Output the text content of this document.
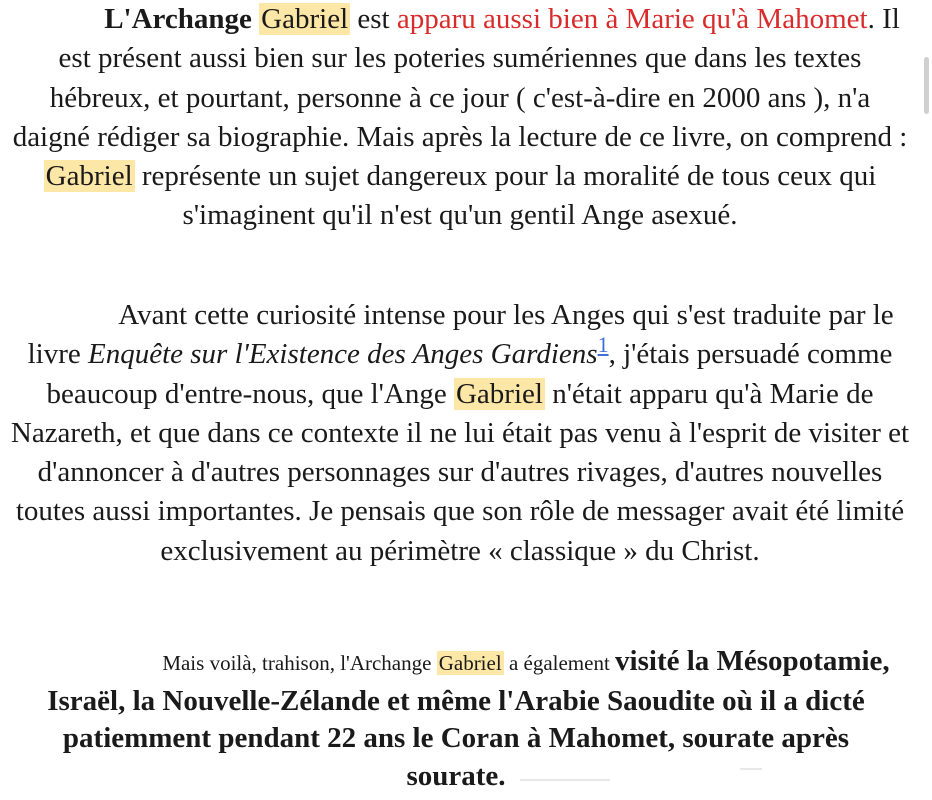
L'Archange Gabriel est apparu aussi bien à Marie qu'à Mahomet. Il est présent aussi bien sur les poteries sumériennes que dans les textes hébreux, et pourtant, personne à ce jour ( c'est-à-dire en 2000 ans ), n'a daigné rédiger sa biographie. Mais après la lecture de ce livre, on comprend : Gabriel représente un sujet dangereux pour la moralité de tous ceux qui s'imaginent qu'il n'est qu'un gentil Ange asexué.

Avant cette curiosité intense pour les Anges qui s'est traduite par le livre Enquête sur l'Existence des Anges Gardiens$^1$, j'étais persuadé comme beaucoup d'entre-nous, que l'Ange Gabriel n'était apparu qu'à Marie de Nazareth, et que dans ce contexte il ne lui était pas venu à l'esprit de visiter et d'annoncer à d'autres personnages sur d'autres rivages, d'autres nouvelles toutes aussi importantes. Je pensais que son rôle de messager avait été limité exclusivement au périmètre « classique » du Christ.

Mais voilà, trahison, l'Archange Gabriel a également visité la Mésopotamie, Israël, la Nouvelle-Zélande et même l'Arabie Saoudite où il a dicté patiemment pendant 22 ans le Coran à Mahomet, sourate après sourate.
